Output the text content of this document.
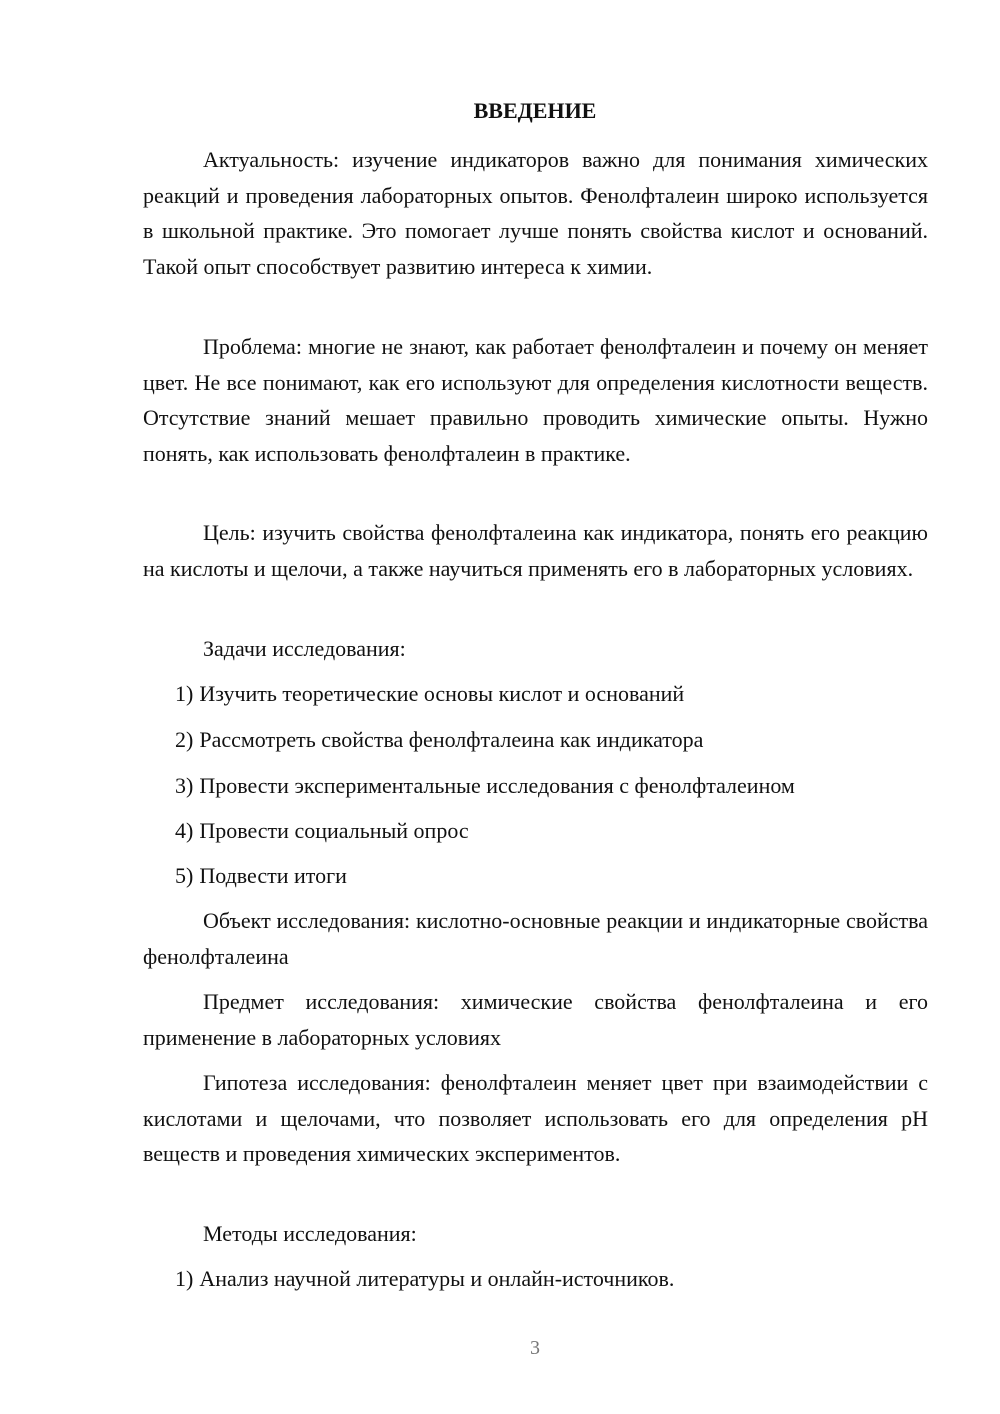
ВВЕДЕНИЕ

Актуальность: изучение индикаторов важно для понимания химических реакций и проведения лабораторных опытов. Фенолфталеин широко используется в школьной практике. Это помогает лучше понять свойства кислот и оснований. Такой опыт способствует развитию интереса к химии.

Проблема: многие не знают, как работает фенолфталеин и почему он меняет цвет. Не все понимают, как его используют для определения кислотности веществ. Отсутствие знаний мешает правильно проводить химические опыты. Нужно понять, как использовать фенолфталеин в практике.

Цель: изучить свойства фенолфталеина как индикатора, понять его реакцию на кислоты и щелочи, а также научиться применять его в лабораторных условиях.

Задачи исследования:

1) Изучить теоретические основы кислот и оснований

2) Рассмотреть свойства фенолфталеина как индикатора

3) Провести экспериментальные исследования с фенолфталеином

4) Провести социальный опрос

5) Подвести итоги

Объект исследования: кислотно-основные реакции и индикаторные свойства фенолфталеина

Предмет исследования: химические свойства фенолфталеина и его применение в лабораторных условиях

Гипотеза исследования: фенолфталеин меняет цвет при взаимодействии с кислотами и щелочами, что позволяет использовать его для определения pH веществ и проведения химических экспериментов.

Методы исследования:

1) Анализ научной литературы и онлайн-источников.

3
